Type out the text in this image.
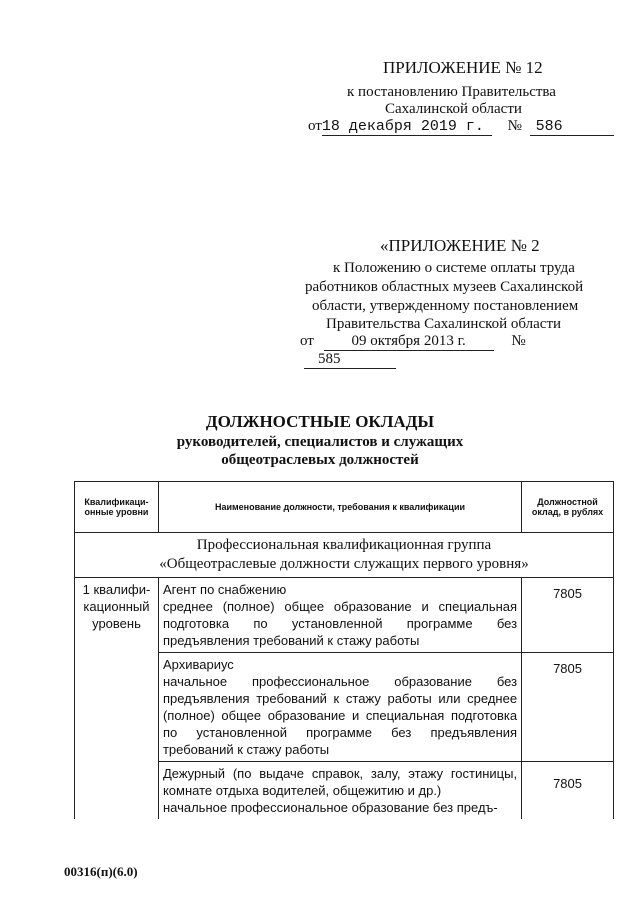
ПРИЛОЖЕНИЕ № 12
к постановлению Правительства
Сахалинской области
от18 декабря 2019 г. № 586
«ПРИЛОЖЕНИЕ № 2
к Положению о системе оплаты труда
работников областных музеев Сахалинской
области, утвержденному постановлением
Правительства Сахалинской области
от	09 октября 2013 г.	№ 585
ДОЛЖНОСТНЫЕ ОКЛАДЫ
руководителей, специалистов и служащих
общеотраслевых должностей
Квалификаци-онные уровни	Наименование должности, требования к квалификации	Должностной оклад, в рублях

Профессиональная квалификационная группа
«Общеотраслевые должности служащих первого уровня»		

1 квалифи-кационный уровень	Агент по снабжению
среднее (полное) общее образование и специальная подготовка по установленной программе без предъявления требований к стажу работы	7805

	Архивариус
начальное профессиональное образование без предъявления требований к стажу работы или среднее (полное) общее образование и специальная подготовка по установленной программе без предъявления требований к стажу работы	7805

	Дежурный (по выдаче справок, залу, этажу гостиницы, комнате отдыха водителей, общежитию и др.)
начальное профессиональное образование без предъ-	7805
00316(п)(6.0)
